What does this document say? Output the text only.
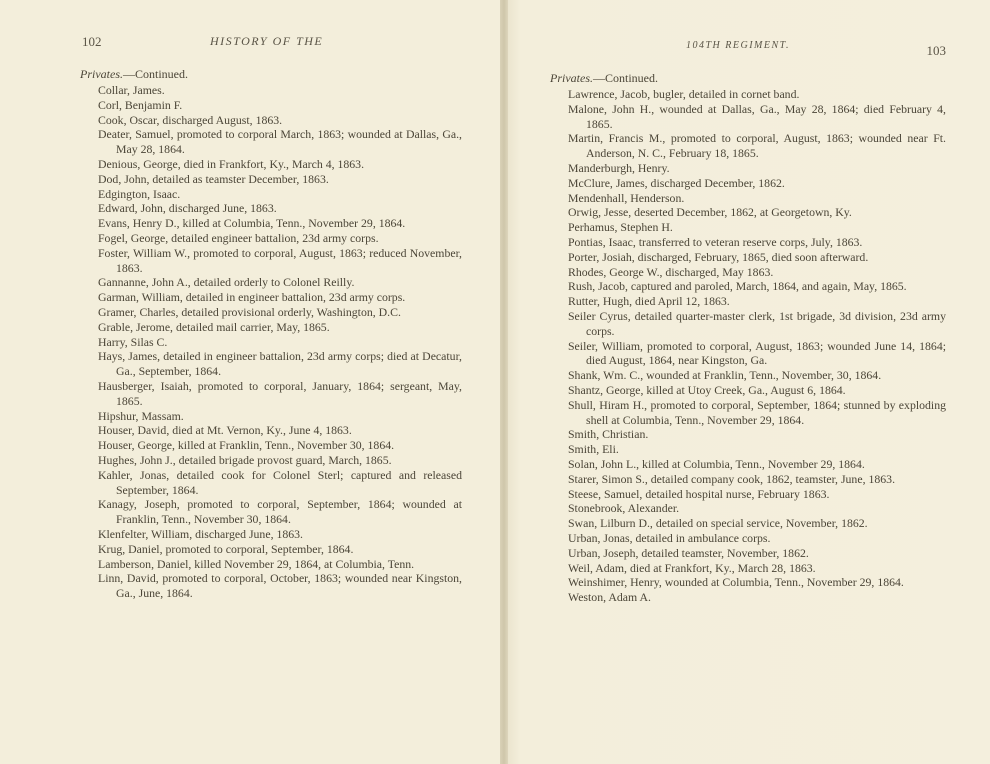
102	HISTORY OF THE
Privates.—Continued.
Collar, James.
Corl, Benjamin F.
Cook, Oscar, discharged August, 1863.
Deater, Samuel, promoted to corporal March, 1863; wounded at Dallas, Ga., May 28, 1864.
Denious, George, died in Frankfort, Ky., March 4, 1863.
Dod, John, detailed as teamster December, 1863.
Edgington, Isaac.
Edward, John, discharged June, 1863.
Evans, Henry D., killed at Columbia, Tenn., November 29, 1864.
Fogel, George, detailed engineer battalion, 23d army corps.
Foster, William W., promoted to corporal, August, 1863; reduced November, 1863.
Gannanne, John A., detailed orderly to Colonel Reilly.
Garman, William, detailed in engineer battalion, 23d army corps.
Gramer, Charles, detailed provisional orderly, Washington, D.C.
Grable, Jerome, detailed mail carrier, May, 1865.
Harry, Silas C.
Hays, James, detailed in engineer battalion, 23d army corps; died at Decatur, Ga., September, 1864.
Hausberger, Isaiah, promoted to corporal, January, 1864; sergeant, May, 1865.
Hipshur, Massam.
Houser, David, died at Mt. Vernon, Ky., June 4, 1863.
Houser, George, killed at Franklin, Tenn., November 30, 1864.
Hughes, John J., detailed brigade provost guard, March, 1865.
Kahler, Jonas, detailed cook for Colonel Sterl; captured and released September, 1864.
Kanagy, Joseph, promoted to corporal, September, 1864; wounded at Franklin, Tenn., November 30, 1864.
Klenfelter, William, discharged June, 1863.
Krug, Daniel, promoted to corporal, September, 1864.
Lamberson, Daniel, killed November 29, 1864, at Columbia, Tenn.
Linn, David, promoted to corporal, October, 1863; wounded near Kingston, Ga., June, 1864.
104TH REGIMENT.	103
Privates.—Continued.
Lawrence, Jacob, bugler, detailed in cornet band.
Malone, John H., wounded at Dallas, Ga., May 28, 1864; died February 4, 1865.
Martin, Francis M., promoted to corporal, August, 1863; wounded near Ft. Anderson, N. C., February 18, 1865.
Manderburgh, Henry.
McClure, James, discharged December, 1862.
Mendenhall, Henderson.
Orwig, Jesse, deserted December, 1862, at Georgetown, Ky.
Perhamus, Stephen H.
Pontias, Isaac, transferred to veteran reserve corps, July, 1863.
Porter, Josiah, discharged, February, 1865, died soon afterward.
Rhodes, George W., discharged, May 1863.
Rush, Jacob, captured and paroled, March, 1864, and again, May, 1865.
Rutter, Hugh, died April 12, 1863.
Seiler Cyrus, detailed quarter-master clerk, 1st brigade, 3d division, 23d army corps.
Seiler, William, promoted to corporal, August, 1863; wounded June 14, 1864; died August, 1864, near Kingston, Ga.
Shank, Wm. C., wounded at Franklin, Tenn., November, 30, 1864.
Shantz, George, killed at Utoy Creek, Ga., August 6, 1864.
Shull, Hiram H., promoted to corporal, September, 1864; stunned by exploding shell at Columbia, Tenn., November 29, 1864.
Smith, Christian.
Smith, Eli.
Solan, John L., killed at Columbia, Tenn., November 29, 1864.
Starer, Simon S., detailed company cook, 1862, teamster, June, 1863.
Steese, Samuel, detailed hospital nurse, February 1863.
Stonebrook, Alexander.
Swan, Lilburn D., detailed on special service, November, 1862.
Urban, Jonas, detailed in ambulance corps.
Urban, Joseph, detailed teamster, November, 1862.
Weil, Adam, died at Frankfort, Ky., March 28, 1863.
Weinshimer, Henry, wounded at Columbia, Tenn., November 29, 1864.
Weston, Adam A.
